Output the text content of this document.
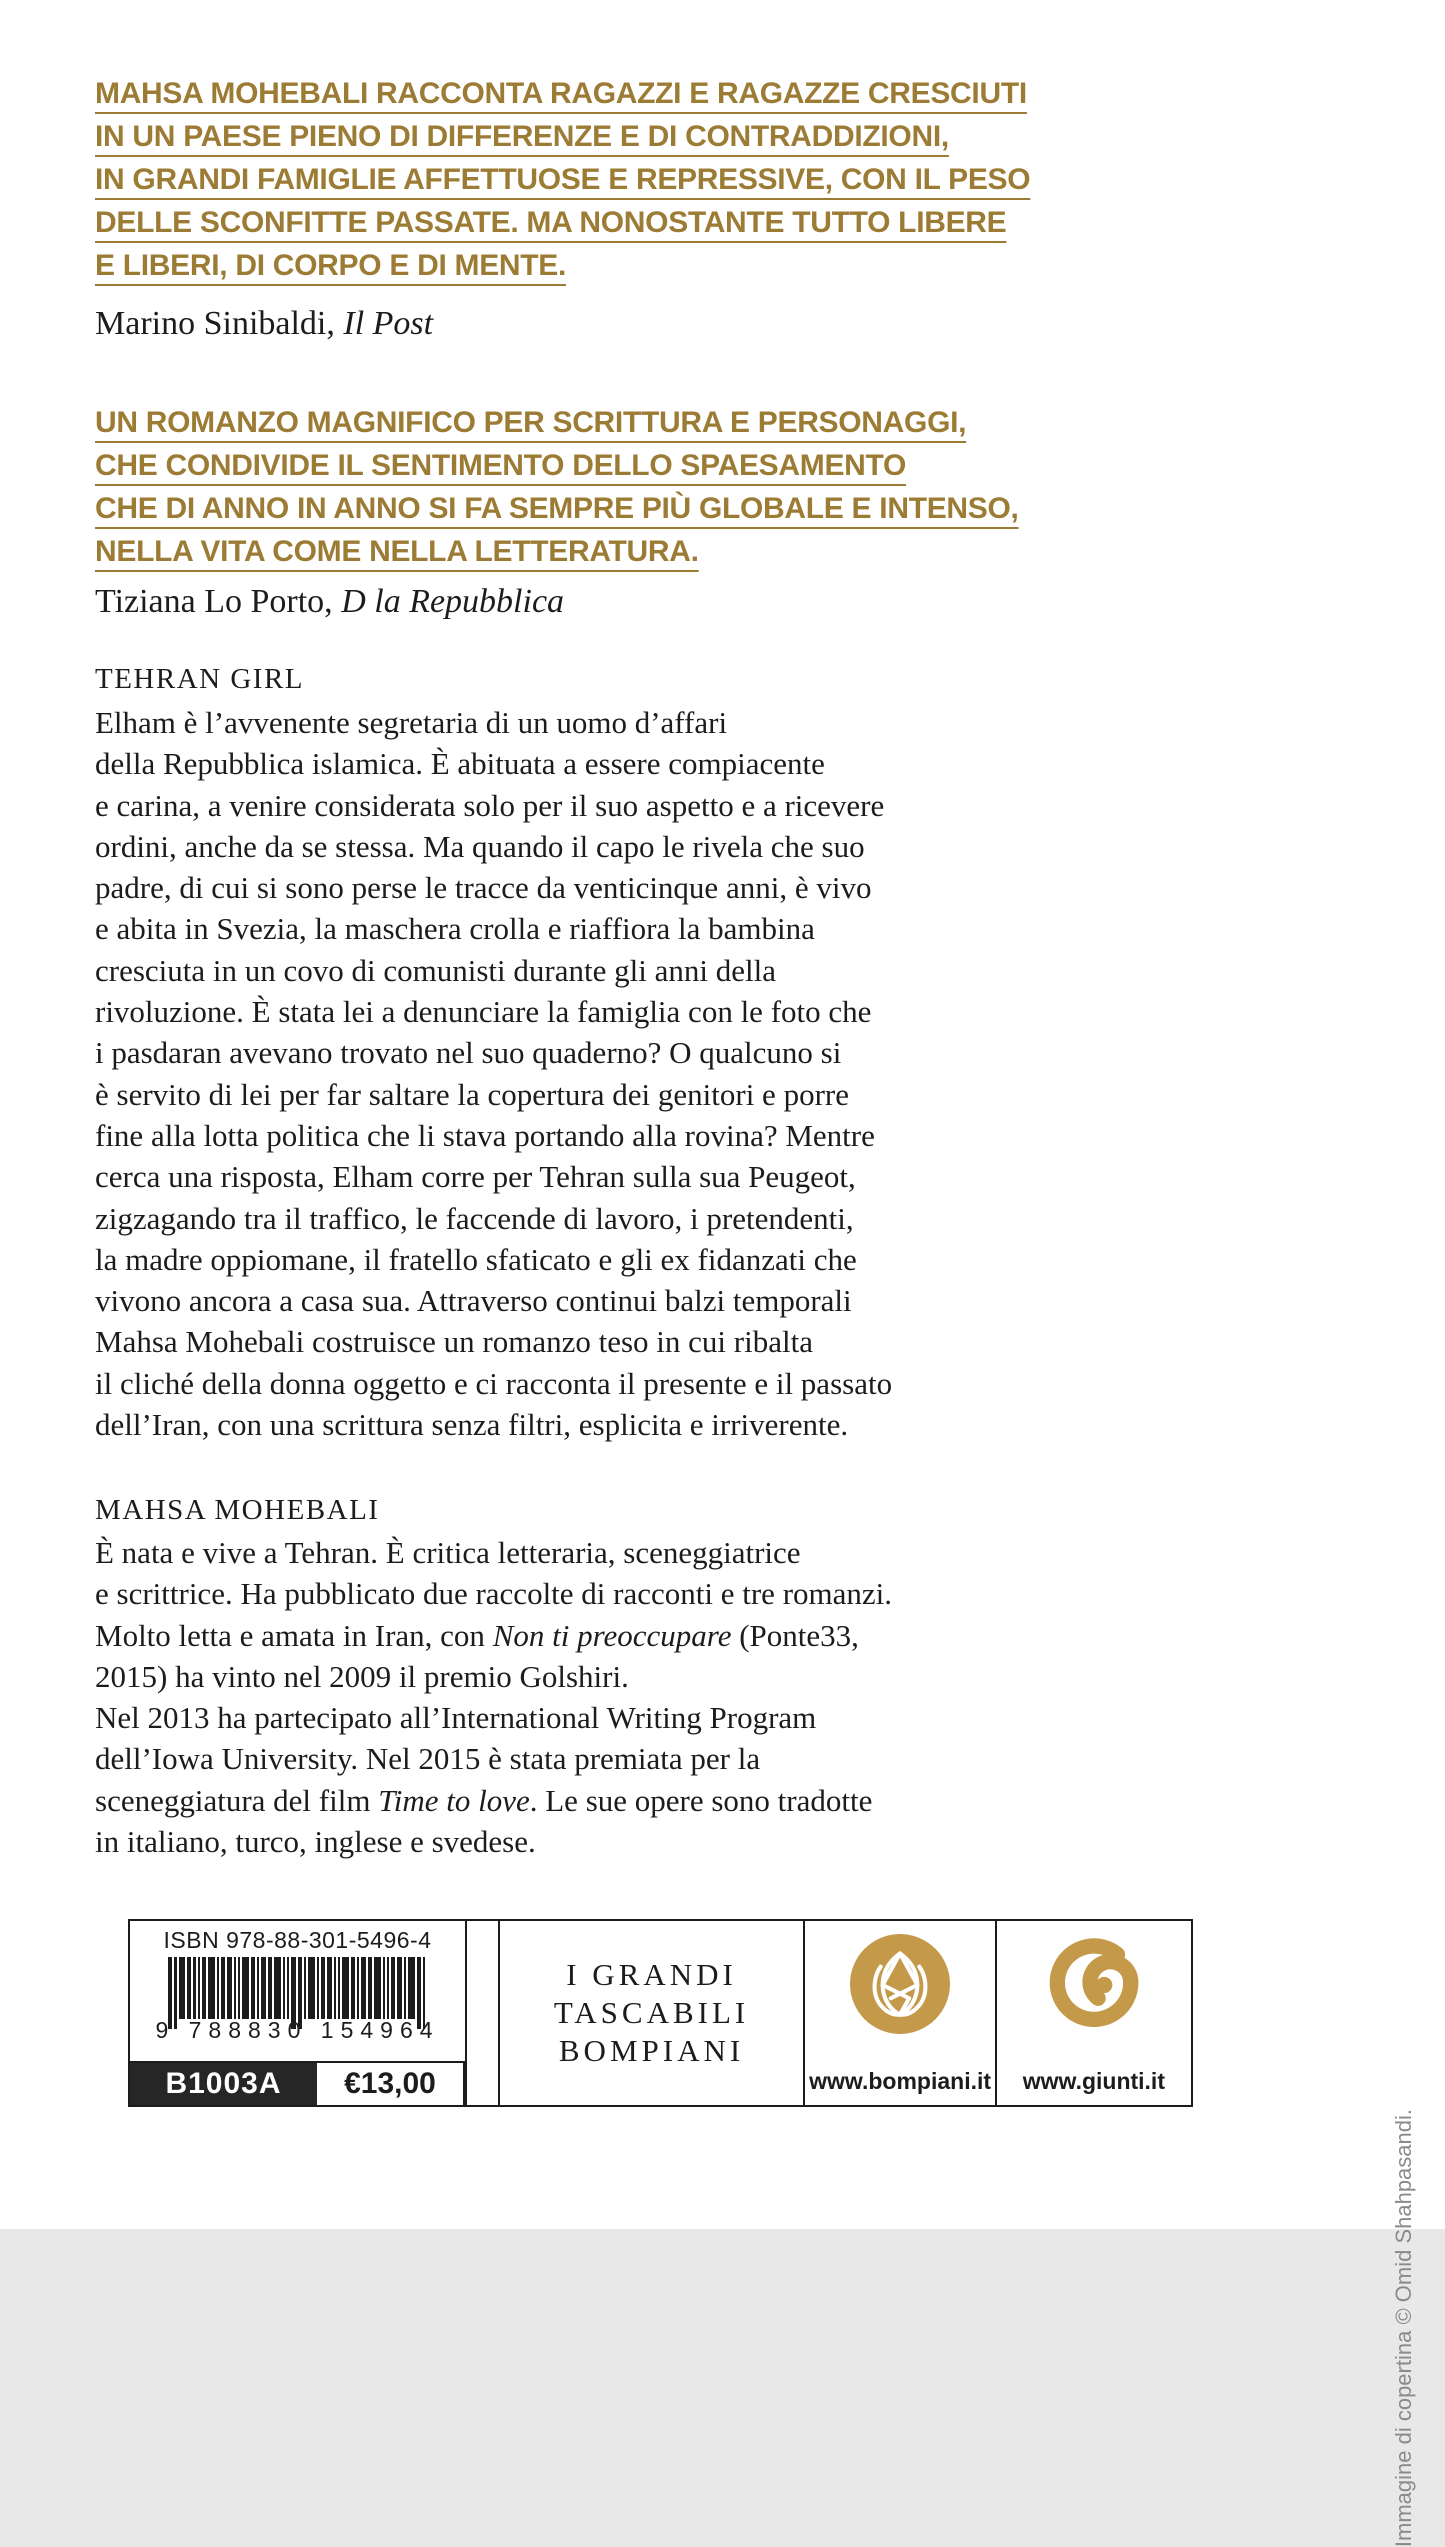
MAHSA MOHEBALI RACCONTA RAGAZZI E RAGAZZE CRESCIUTI
IN UN PAESE PIENO DI DIFFERENZE E DI CONTRADDIZIONI,
IN GRANDI FAMIGLIE AFFETTUOSE E REPRESSIVE, CON IL PESO
DELLE SCONFITTE PASSATE. MA NONOSTANTE TUTTO LIBERE
E LIBERI, DI CORPO E DI MENTE.
Marino Sinibaldi, Il Post
UN ROMANZO MAGNIFICO PER SCRITTURA E PERSONAGGI,
CHE CONDIVIDE IL SENTIMENTO DELLO SPAESAMENTO
CHE DI ANNO IN ANNO SI FA SEMPRE PIÙ GLOBALE E INTENSO,
NELLA VITA COME NELLA LETTERATURA.
Tiziana Lo Porto, D la Repubblica
TEHRAN GIRL
Elham è l’avvenente segretaria di un uomo d’affari
della Repubblica islamica. È abituata a essere compiacente
e carina, a venire considerata solo per il suo aspetto e a ricevere
ordini, anche da se stessa. Ma quando il capo le rivela che suo
padre, di cui si sono perse le tracce da venticinque anni, è vivo
e abita in Svezia, la maschera crolla e riaffiora la bambina
cresciuta in un covo di comunisti durante gli anni della
rivoluzione. È stata lei a denunciare la famiglia con le foto che
i pasdaran avevano trovato nel suo quaderno? O qualcuno si
è servito di lei per far saltare la copertura dei genitori e porre
fine alla lotta politica che li stava portando alla rovina? Mentre
cerca una risposta, Elham corre per Tehran sulla sua Peugeot,
zigzagando tra il traffico, le faccende di lavoro, i pretendenti,
la madre oppiomane, il fratello sfaticato e gli ex fidanzati che
vivono ancora a casa sua. Attraverso continui balzi temporali
Mahsa Mohebali costruisce un romanzo teso in cui ribalta
il cliché della donna oggetto e ci racconta il presente e il passato
dell’Iran, con una scrittura senza filtri, esplicita e irriverente.
MAHSA MOHEBALI
È nata e vive a Tehran. È critica letteraria, sceneggiatrice
e scrittrice. Ha pubblicato due raccolte di racconti e tre romanzi.
Molto letta e amata in Iran, con Non ti preoccupare (Ponte33,
2015) ha vinto nel 2009 il premio Golshiri.
Nel 2013 ha partecipato all’International Writing Program
dell’Iowa University. Nel 2015 è stata premiata per la
sceneggiatura del film Time to love. Le sue opere sono tradotte
in italiano, turco, inglese e svedese.
ISBN 978-88-301-5496-4
9 788830 154964
B1003A	€13,00
I GRANDI
TASCABILI
BOMPIANI
www.bompiani.it www.giunti.it
Immagine di copertina © Omid Shahpasandi.
